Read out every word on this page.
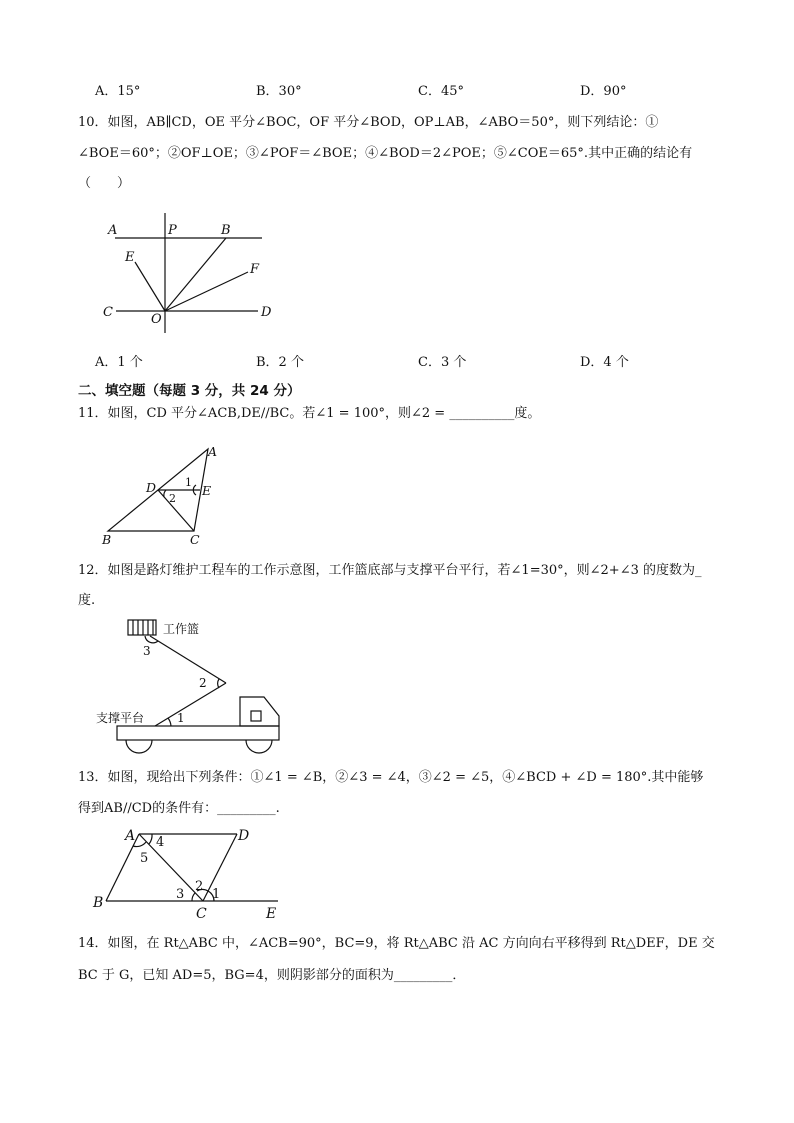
A．15°	B．30°	C．45°	D．90°
10．如图，AB∥CD，OE 平分∠BOC，OF 平分∠BOD，OP⊥AB，∠ABO＝50°，则下列结论：①
∠BOE＝60°；②OF⊥OE；③∠POF＝∠BOE；④∠BOD＝2∠POE；⑤∠COE＝65°.其中正确的结论有
（　　）
A	P	B
E
F
C	O	D
A．1 个	B．2 个	C．3 个	D．4 个
二、填空题（每题 3 分，共 24 分）
11．如图，CD 平分∠ACB,DE//BC。若∠1 = 100°，则∠2 = __________度。
A
D	E
B	C
1
2
12．如图是路灯维护工程车的工作示意图，工作篮底部与支撑平台平行，若∠1=30°，则∠2+∠3 的度数为_
度.
工作篮
支撑平台
3
2
1
13．如图，现给出下列条件：①∠1 = ∠B，②∠3 = ∠4，③∠2 = ∠5，④∠BCD + ∠D = 180°.其中能够
得到AB//CD的条件有：_________.
A	D
B
C	E
4
5
3
2
1
14．如图，在 Rt△ABC 中，∠ACB=90°，BC=9，将 Rt△ABC 沿 AC 方向向右平移得到 Rt△DEF，DE 交
BC 于 G，已知 AD=5，BG=4，则阴影部分的面积为_________．
